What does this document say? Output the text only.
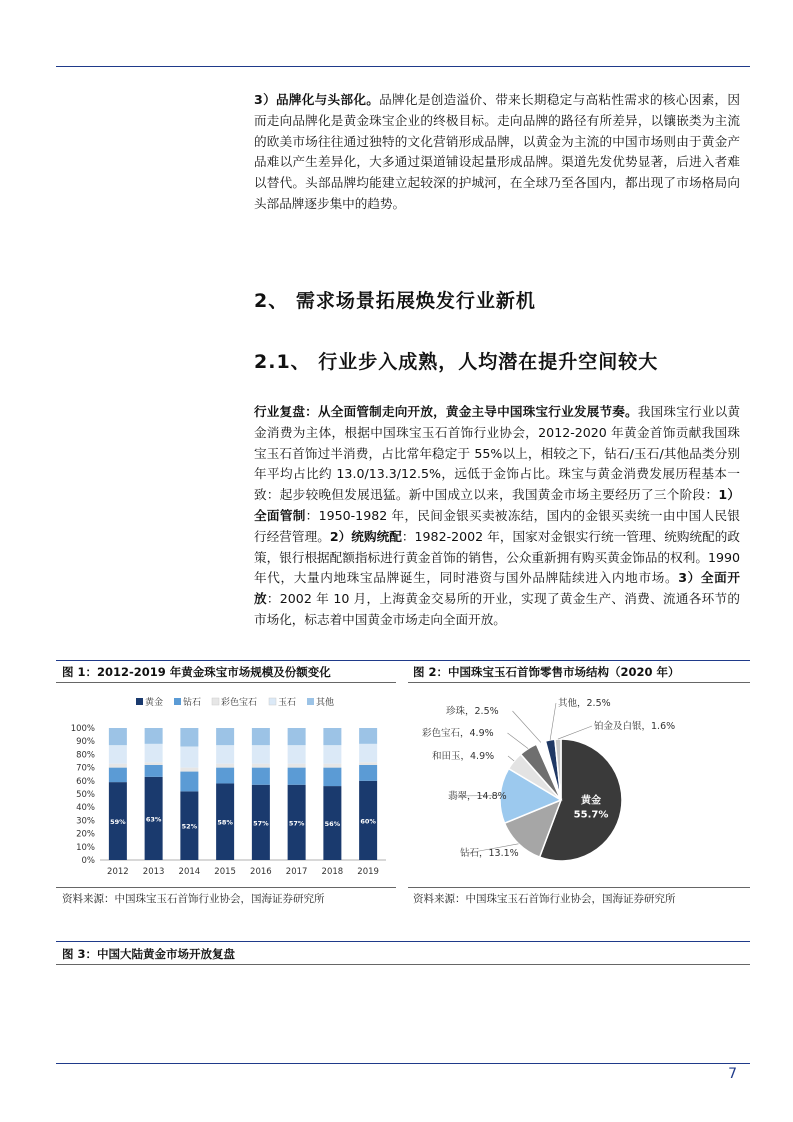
3）品牌化与头部化。品牌化是创造溢价、带来长期稳定与高粘性需求的核心因素，因而走向品牌化是黄金珠宝企业的终极目标。走向品牌的路径有所差异，以镶嵌类为主流的欧美市场往往通过独特的文化营销形成品牌，以黄金为主流的中国市场则由于黄金产品难以产生差异化，大多通过渠道铺设起量形成品牌。渠道先发优势显著，后进入者难以替代。头部品牌均能建立起较深的护城河，在全球乃至各国内，都出现了市场格局向头部品牌逐步集中的趋势。
2、 需求场景拓展焕发行业新机
2.1、 行业步入成熟，人均潜在提升空间较大
行业复盘：从全面管制走向开放，黄金主导中国珠宝行业发展节奏。我国珠宝行业以黄金消费为主体，根据中国珠宝玉石首饰行业协会，2012-2020 年黄金首饰贡献我国珠宝玉石首饰过半消费，占比常年稳定于 55%以上，相较之下，钻石/玉石/其他品类分别年平均占比约 13.0/13.3/12.5%，远低于金饰占比。珠宝与黄金消费发展历程基本一致：起步较晚但发展迅猛。新中国成立以来，我国黄金市场主要经历了三个阶段：1）全面管制：1950-1982 年，民间金银买卖被冻结，国内的金银买卖统一由中国人民银行经营管理。2）统购统配：1982-2002 年，国家对金银实行统一管理、统购统配的政策，银行根据配额指标进行黄金首饰的销售，公众重新拥有购买黄金饰品的权利。1990 年代，大量内地珠宝品牌诞生，同时港资与国外品牌陆续进入内地市场。3）全面开放：2002 年 10 月，上海黄金交易所的开业，实现了黄金生产、消费、流通各环节的市场化，标志着中国黄金市场走向全面开放。
图 1：2012-2019 年黄金珠宝市场规模及份额变化	图 2：中国珠宝玉石首饰零售市场结构（2020 年）
黄金 钻石 彩色宝石 玉石 其他
0%
10%
20%
30%
40%
50%
60%
70%
80%
90%
100%
59%
2012
63%
2013
52%
2014
58%
2015
57%
2016
57%
2017
56%
2018
60%
2019
黄金
55.7%
钻石，13.1%
翡翠，14.8%
和田玉，4.9%
彩色宝石，4.9%
珍珠，2.5%
其他，2.5%
铂金及白银，1.6%
资料来源：中国珠宝玉石首饰行业协会，国海证券研究所	资料来源：中国珠宝玉石首饰行业协会，国海证券研究所
图 3：中国大陆黄金市场开放复盘
7
